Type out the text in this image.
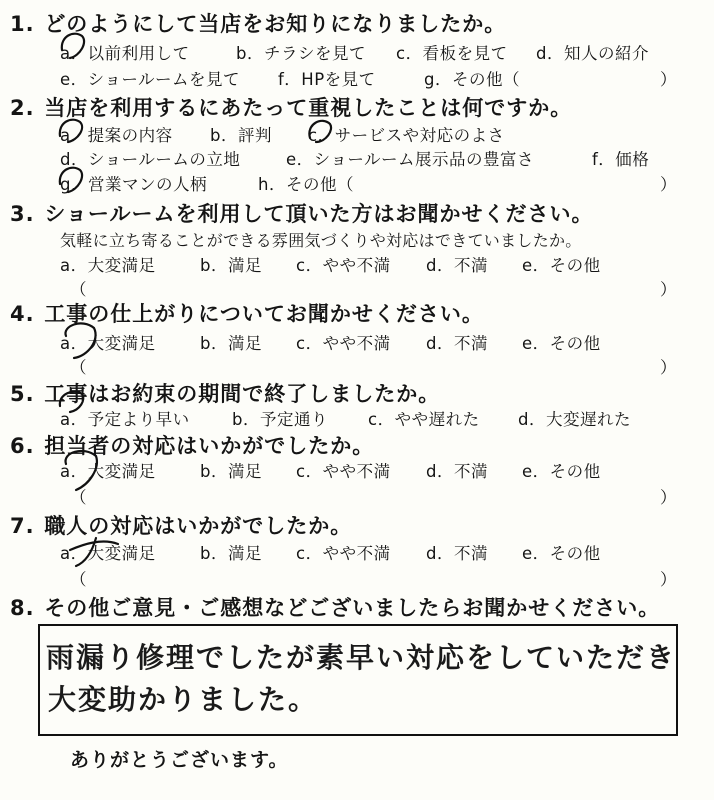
1. どのようにして当店をお知りになりましたか。
a．以前利用して	b．チラシを見て c．看板を見て d．知人の紹介
e．ショールームを見て f．HPを見て	g．その他（	）
2. 当店を利用するにあたって重視したことは何ですか。
a．提案の内容 b．評判 c．サービスや対応のよさ
d．ショールームの立地	e．ショールーム展示品の豊富さ	f．価格
g．営業マンの人柄	h．その他（	）
3. ショールームを利用して頂いた方はお聞かせください。
気軽に立ち寄ることができる雰囲気づくりや対応はできていましたか。
a．大変満足	b．満足 c．やや不満 d．不満 e．その他
（	）
4. 工事の仕上がりについてお聞かせください。
a．大変満足	b．満足 c．やや不満 d．不満 e．その他
（	）
5. 工事はお約束の期間で終了しましたか。
a．予定より早い	b．予定通り c．やや遅れた d．大変遅れた
6. 担当者の対応はいかがでしたか。
a．大変満足	b．満足 c．やや不満 d．不満 e．その他
（	）
7. 職人の対応はいかがでしたか。
a．大変満足	b．満足 c．やや不満 d．不満 e．その他
（	）
8. その他ご意見・ご感想などございましたらお聞かせください。
雨漏り修理でしたが素早い対応をしていただき
大変助かりました。
ありがとうございます。
